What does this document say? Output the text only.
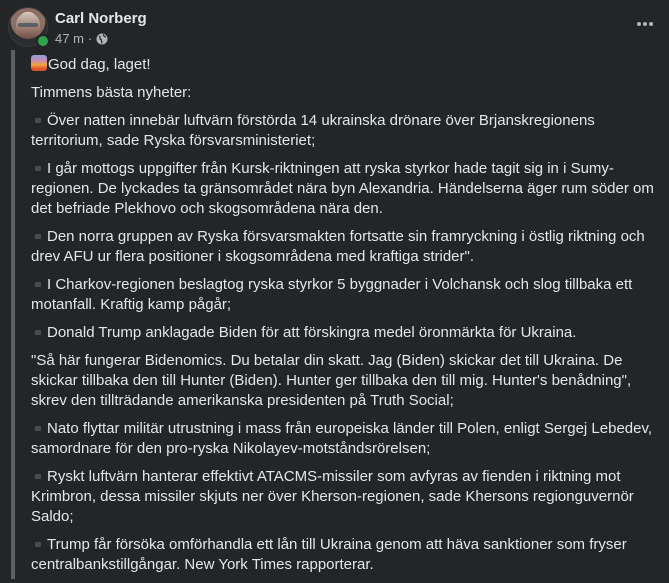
Carl Norberg
47 m ·

God dag, laget!

Timmens bästa nyheter:

Över natten innebär luftvärn förstörda 14 ukrainska drönare över Brjanskregionens territorium, sade Ryska försvarsministeriet;

I går mottogs uppgifter från Kursk-riktningen att ryska styrkor hade tagit sig in i Sumy-regionen. De lyckades ta gränsområdet nära byn Alexandria. Händelserna äger rum söder om det befriade Plekhovo och skogsområdena nära den.

Den norra gruppen av Ryska försvarsmakten fortsatte sin framryckning i östlig riktning och drev AFU ur flera positioner i skogsområdena med kraftiga strider".

I Charkov-regionen beslagtog ryska styrkor 5 byggnader i Volchansk och slog tillbaka ett motanfall. Kraftig kamp pågår;

Donald Trump anklagade Biden för att förskingra medel öronmärkta för Ukraina.

"Så här fungerar Bidenomics. Du betalar din skatt. Jag (Biden) skickar det till Ukraina. De skickar tillbaka den till Hunter (Biden). Hunter ger tillbaka den till mig. Hunter's benådning", skrev den tillträdande amerikanska presidenten på Truth Social;

Nato flyttar militär utrustning i mass från europeiska länder till Polen, enligt Sergej Lebedev, samordnare för den pro-ryska Nikolayev-motståndsrörelsen;

Ryskt luftvärn hanterar effektivt ATACMS-missiler som avfyras av fienden i riktning mot Krimbron, dessa missiler skjuts ner över Kherson-regionen, sade Khersons regionguvernör Saldo;

Trump får försöka omförhandla ett lån till Ukraina genom att häva sanktioner som fryser centralbankstillgångar. New York Times rapporterar.
